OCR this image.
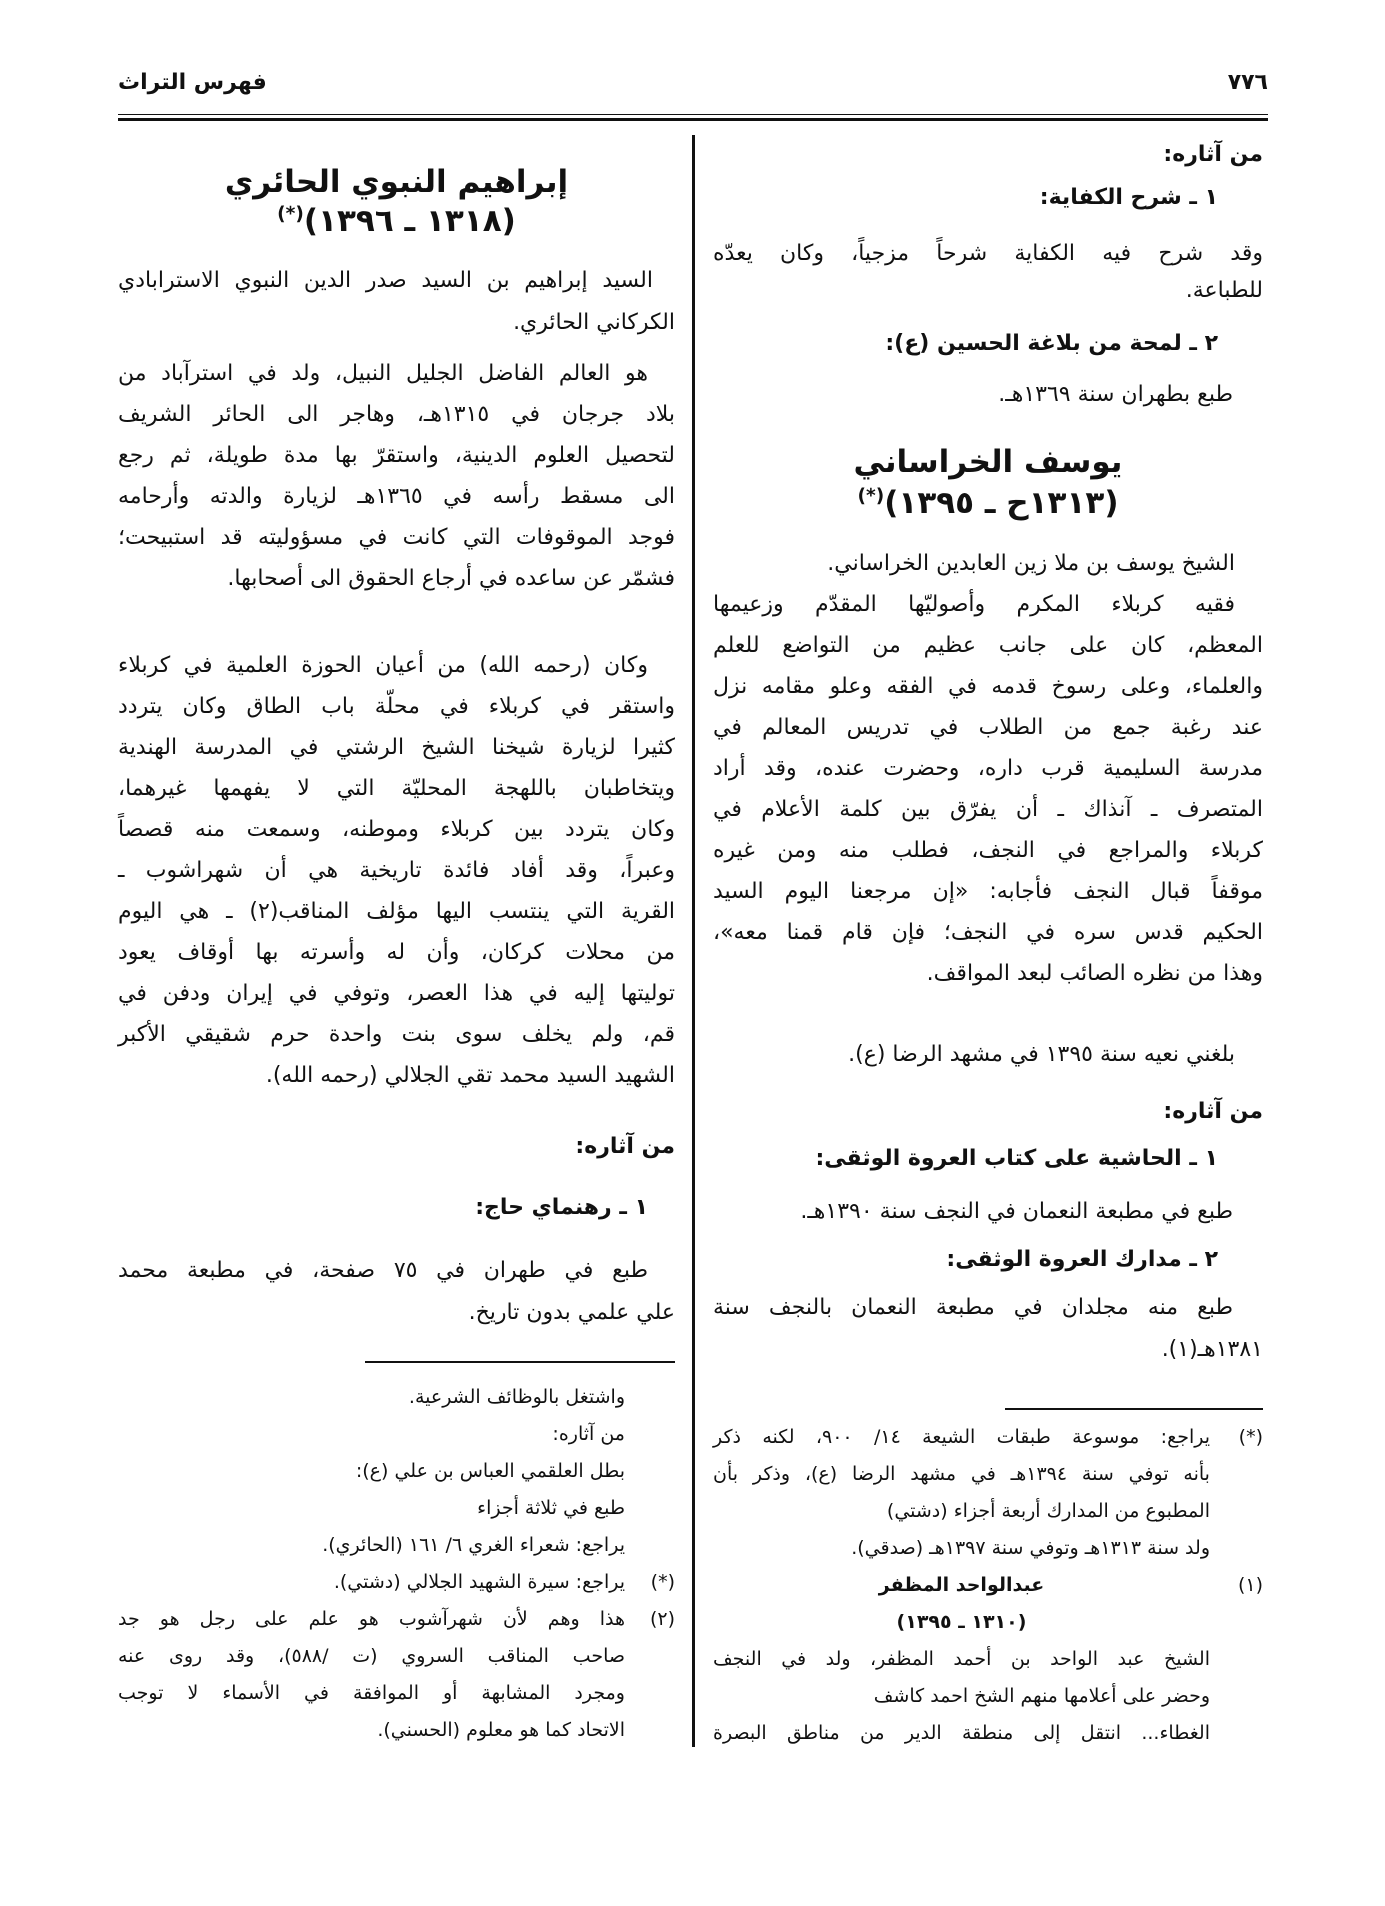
٧٧٦
فهرس التراث
من آثاره:
١ ـ شرح الكفاية:
وقد شرح فيه الكفاية شرحاً مزجياً، وكان يعدّه
للطباعة.
٢ ـ لمحة من بلاغة الحسين (ع):
طبع بطهران سنة ١٣٦٩هـ.
يوسف الخراساني
(١٣١٣ح ـ ١٣٩٥)(*)
الشيخ يوسف بن ملا زين العابدين الخراساني.
فقيه كربلاء المكرم وأصوليّها المقدّم وزعيمها
المعظم، كان على جانب عظيم من التواضع للعلم
والعلماء، وعلى رسوخ قدمه في الفقه وعلو مقامه نزل
عند رغبة جمع من الطلاب في تدريس المعالم في
مدرسة السليمية قرب داره، وحضرت عنده، وقد أراد
المتصرف ـ آنذاك ـ أن يفرّق بين كلمة الأعلام في
كربلاء والمراجع في النجف، فطلب منه ومن غيره
موقفاً قبال النجف فأجابه: «إن مرجعنا اليوم السيد
الحكيم قدس سره في النجف؛ فإن قام قمنا معه»،
وهذا من نظره الصائب لبعد المواقف.
بلغني نعيه سنة ١٣٩٥ في مشهد الرضا (ع).
من آثاره:
١ ـ الحاشية على كتاب العروة الوثقى:
طبع في مطبعة النعمان في النجف سنة ١٣٩٠هـ.
٢ ـ مدارك العروة الوثقى:
طبع منه مجلدان في مطبعة النعمان بالنجف سنة
١٣٨١هـ(١).
(*)
يراجع: موسوعة طبقات الشيعة ١٤/ ٩٠٠، لكنه ذكر
بأنه توفي سنة ١٣٩٤هـ في مشهد الرضا (ع)، وذكر بأن
المطبوع من المدارك أربعة أجزاء (دشتي)
ولد سنة ١٣١٣هـ وتوفي سنة ١٣٩٧هـ (صدقي).
(١)
عبدالواحد المظفر
(١٣١٠ ـ ١٣٩٥)
الشيخ عبد الواحد بن أحمد المظفر، ولد في النجف
وحضر على أعلامها منهم الشخ احمد كاشف
الغطاء... انتقل إلى منطقة الدير من مناطق البصرة
إبراهيم النبوي الحائري
(١٣١٨ ـ ١٣٩٦)(*)
السيد إبراهيم بن السيد صدر الدين النبوي الاسترابادي
الكركاني الحائري.
هو العالم الفاضل الجليل النبيل، ولد في استرآباد من
بلاد جرجان في ١٣١٥هـ، وهاجر الى الحائر الشريف
لتحصيل العلوم الدينية، واستقرّ بها مدة طويلة، ثم رجع
الى مسقط رأسه في ١٣٦٥هـ لزيارة والدته وأرحامه
فوجد الموقوفات التي كانت في مسؤوليته قد استبيحت؛
فشمّر عن ساعده في أرجاع الحقوق الى أصحابها.
وكان (رحمه الله) من أعيان الحوزة العلمية في كربلاء
واستقر في كربلاء في محلّة باب الطاق وكان يتردد
كثيرا لزيارة شيخنا الشيخ الرشتي في المدرسة الهندية
ويتخاطبان باللهجة المحليّة التي لا يفهمها غيرهما،
وكان يتردد بين كربلاء وموطنه، وسمعت منه قصصاً
وعبراً، وقد أفاد فائدة تاريخية هي أن شهراشوب ـ
القرية التي ينتسب اليها مؤلف المناقب(٢) ـ هي اليوم
من محلات كركان، وأن له وأسرته بها أوقاف يعود
توليتها إليه في هذا العصر، وتوفي في إيران ودفن في
قم، ولم يخلف سوى بنت واحدة حرم شقيقي الأكبر
الشهيد السيد محمد تقي الجلالي (رحمه الله).
من آثاره:
١ ـ رهنماي حاج:
طبع في طهران في ٧٥ صفحة، في مطبعة محمد
علي علمي بدون تاريخ.
واشتغل بالوظائف الشرعية.
من آثاره:
بطل العلقمي العباس بن علي (ع):
طبع في ثلاثة أجزاء
يراجع: شعراء الغري ٦/ ١٦١ (الحائري).
(*)
يراجع: سيرة الشهيد الجلالي (دشتي).
(٢)
هذا وهم لأن شهرآشوب هو علم على رجل هو جد
صاحب المناقب السروي (ت /٥٨٨)، وقد روى عنه
ومجرد المشابهة أو الموافقة في الأسماء لا توجب
الاتحاد كما هو معلوم (الحسني).
